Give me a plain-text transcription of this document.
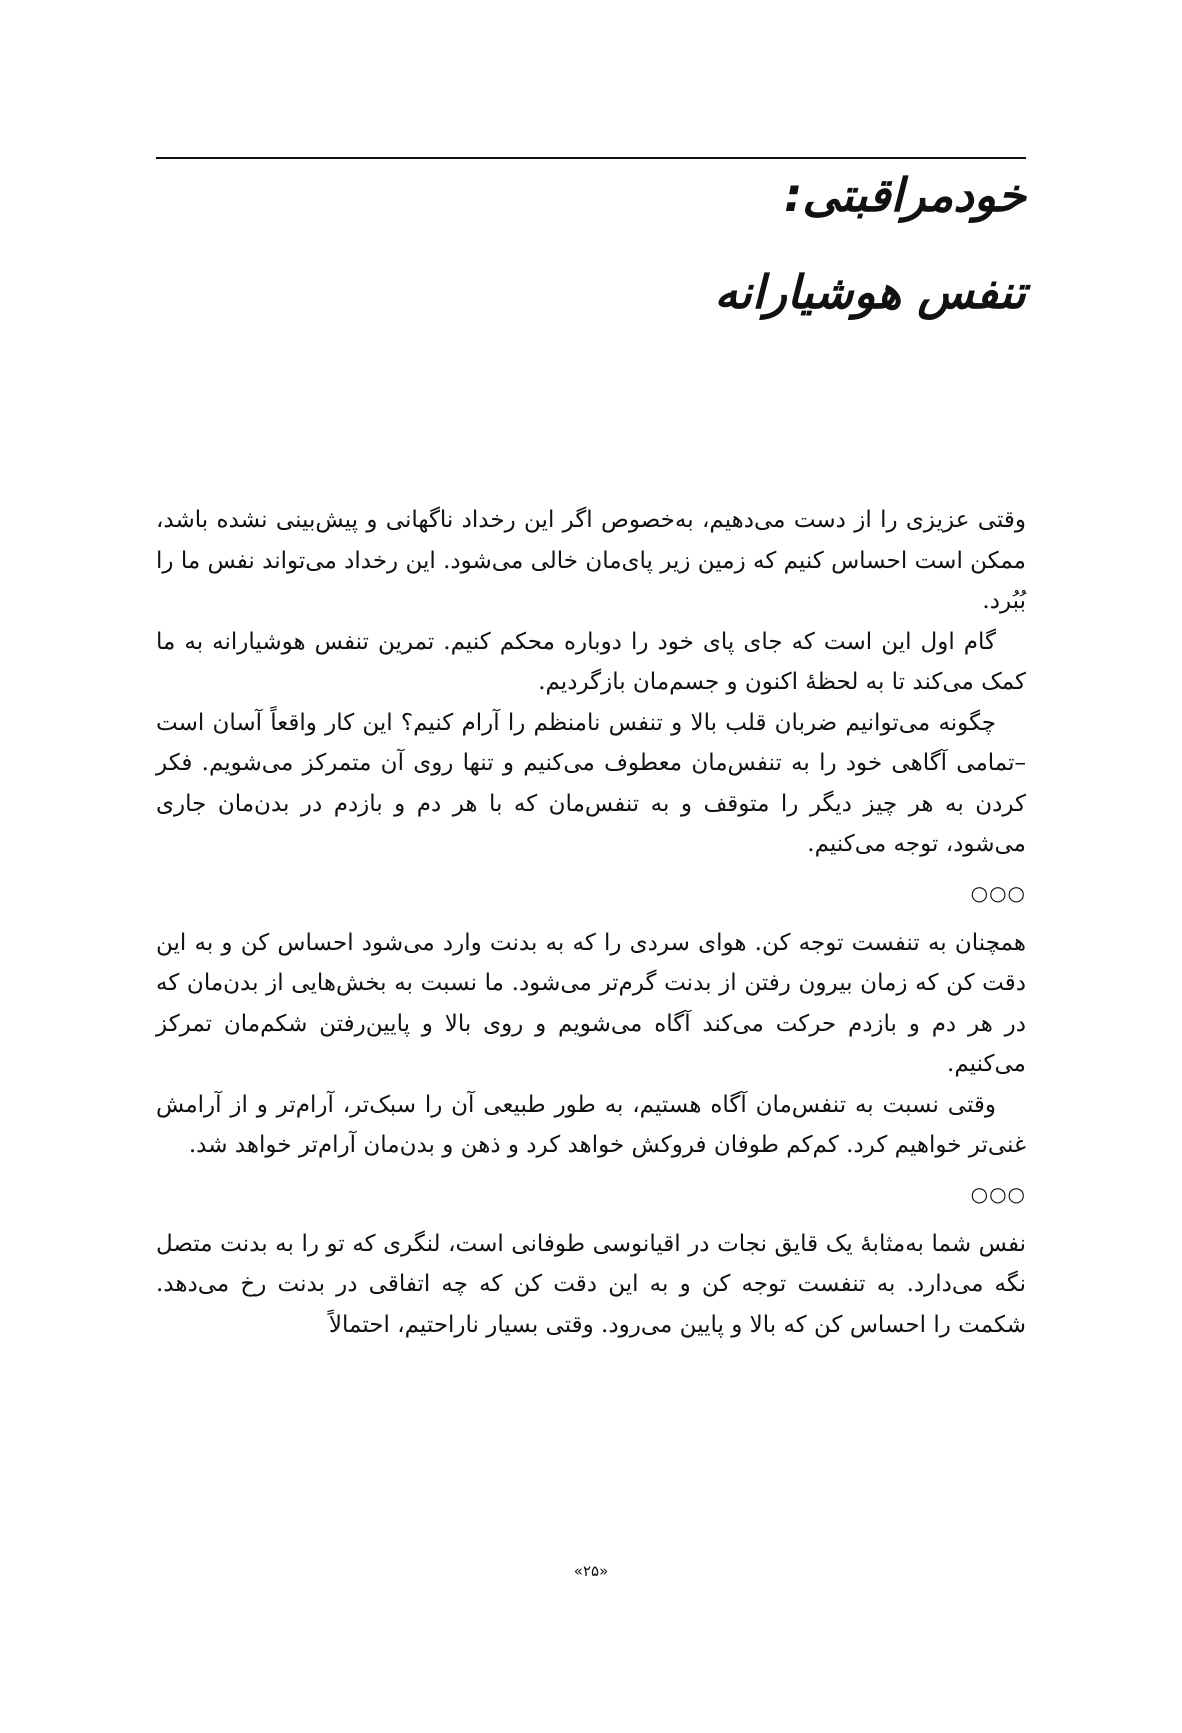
خودمراقبتی:
تنفس هوشیارانه

وقتی عزیزی را از دست می‌دهیم، به‌خصوص اگر این رخداد ناگهانی و پیش‌بینی نشده باشد، ممکن است احساس کنیم که زمین زیر پای‌مان خالی می‌شود. این رخداد می‌تواند نفس ما را بُبُرد.

گام اول این است که جای پای خود را دوباره محکم کنیم. تمرین تنفس هوشیارانه به ما کمک می‌کند تا به لحظهٔ اکنون و جسم‌مان بازگردیم.

چگونه می‌توانیم ضربان قلب بالا و تنفس نامنظم را آرام کنیم؟ این کار واقعاً آسان است –تمامی آگاهی خود را به تنفس‌مان معطوف می‌کنیم و تنها روی آن متمرکز می‌شویم. فکر کردن به هر چیز دیگر را متوقف و به تنفس‌مان که با هر دم و بازدم در بدن‌مان جاری می‌شود، توجه می‌کنیم.

○○○

همچنان به تنفست توجه کن. هوای سردی را که به بدنت وارد می‌شود احساس کن و به این دقت کن که زمان بیرون رفتن از بدنت گرم‌تر می‌شود. ما نسبت به بخش‌هایی از بدن‌مان که در هر دم و بازدم حرکت می‌کند آگاه می‌شویم و روی بالا و پایین‌رفتن شکم‌مان تمرکز می‌کنیم.

وقتی نسبت به تنفس‌مان آگاه هستیم، به طور طبیعی آن را سبک‌تر، آرام‌تر و از آرامش غنی‌تر خواهیم کرد. کم‌کم طوفان فروکش خواهد کرد و ذهن و بدن‌مان آرام‌تر خواهد شد.

○○○

نفس شما به‌مثابهٔ یک قایق نجات در اقیانوسی طوفانی است، لنگری که تو را به بدنت متصل نگه می‌دارد. به تنفست توجه کن و به این دقت کن که چه اتفاقی در بدنت رخ می‌دهد. شکمت را احساس کن که بالا و پایین می‌رود. وقتی بسیار ناراحتیم، احتمالاً

«۲۵»
